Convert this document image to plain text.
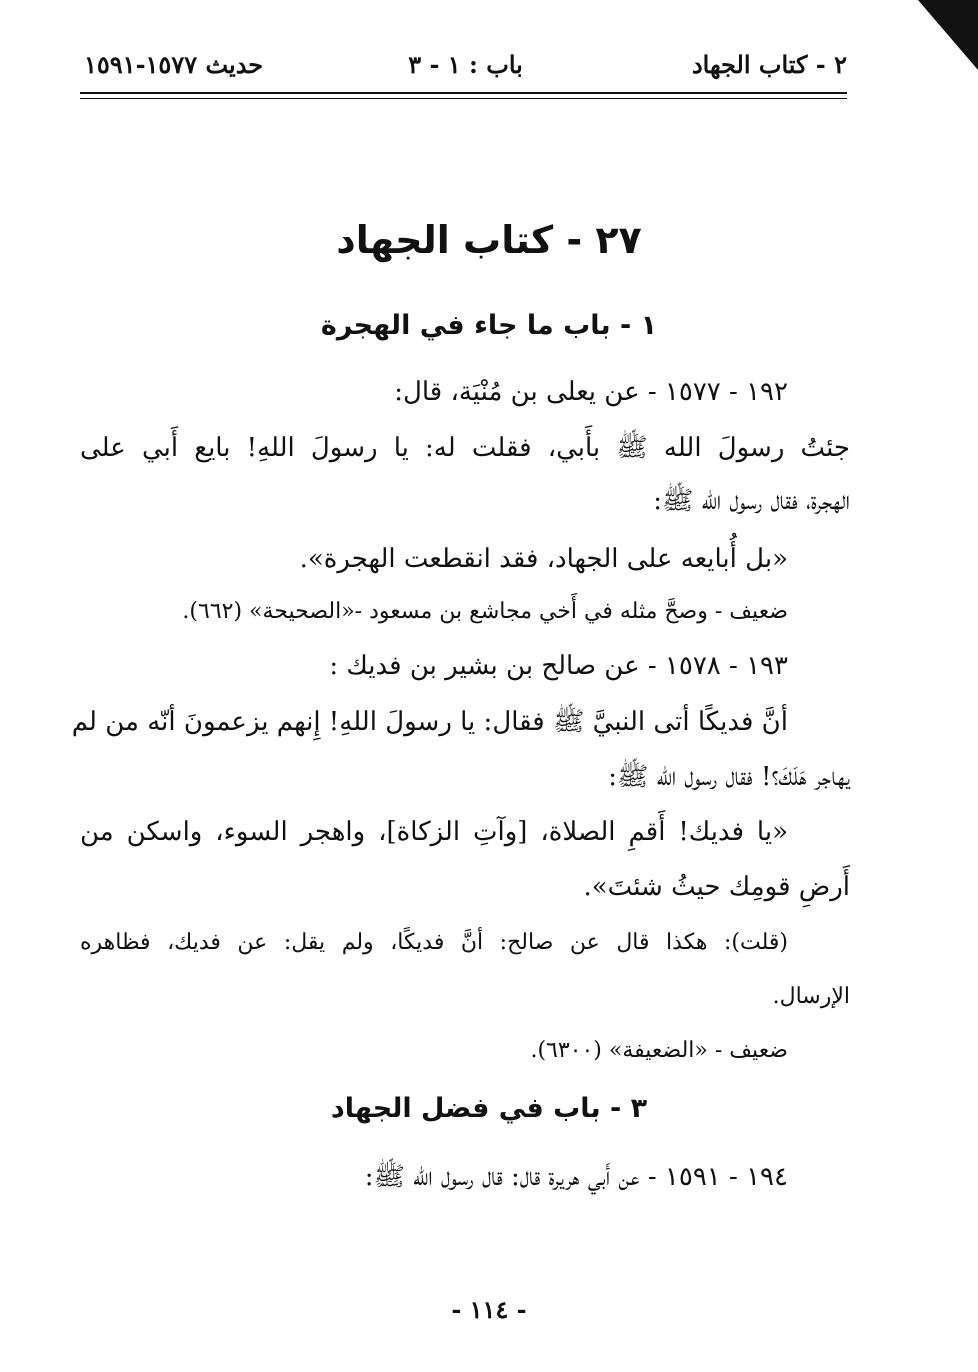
٢ - كتاب الجهاد
باب : ١ - ٣
حديث ١٥٧٧-١٥٩١
٢٧ - كتاب الجهاد
١ - باب ما جاء في الهجرة
١٩٢ - ١٥٧٧ - عن يعلى بن مُنْيَة، قال:
جئتُ رسولَ الله ﷺ بأَبي، فقلت له: يا رسولَ اللهِ! بايع أَبي على
الهجرة، فقال رسول الله ﷺ:
«بل أُبايعه على الجهاد، فقد انقطعت الهجرة».
ضعيف - وصحَّ مثله في أَخي مجاشع بن مسعود -«الصحيحة» (٦٦٢).
١٩٣ - ١٥٧٨ - عن صالح بن بشير بن فديك :
أنَّ فديكًا أتى النبيَّ ﷺ فقال: يا رسولَ اللهِ! إِنهم يزعمونَ أنّه من لم
يهاجر هَلَكَ؟! فقال رسول الله ﷺ:
«يا فديك! أَقمِ الصلاة، [وآتِ الزكاة]، واهجر السوء، واسكن من
أَرضِ قومِك حيثُ شئتَ».
(قلت): هكذا قال عن صالح: أنَّ فديكًا، ولم يقل: عن فديك، فظاهره
الإرسال.
ضعيف - «الضعيفة» (٦٣٠٠).
٣ - باب في فضل الجهاد
١٩٤ - ١٥٩١ - عن أَبي هريرة قال: قال رسول الله ﷺ:
- ١١٤ -
